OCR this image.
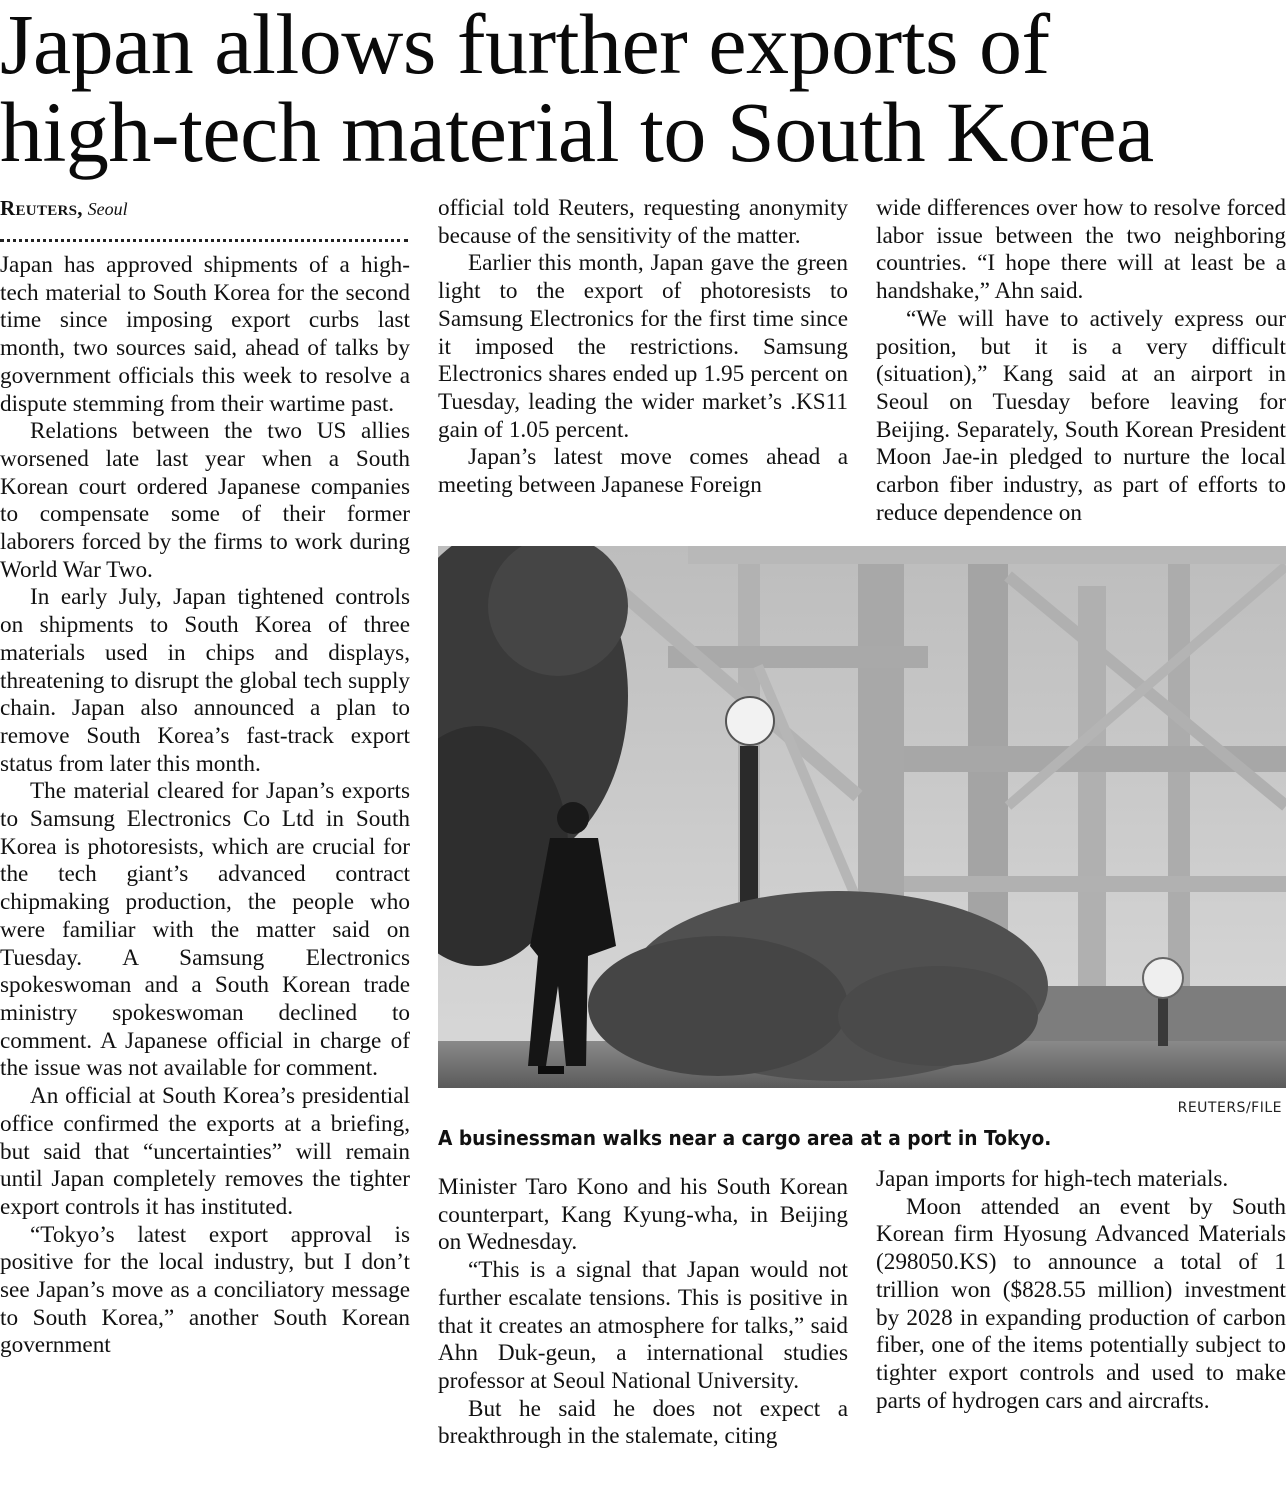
Japan allows further exports of
high-tech material to South Korea
Reuters, Seoul

Japan has approved shipments of a high-tech material to South Korea for the second time since imposing export curbs last month, two sources said, ahead of talks by government officials this week to resolve a dispute stemming from their wartime past.

Relations between the two US allies worsened late last year when a South Korean court ordered Japanese companies to compensate some of their former laborers forced by the firms to work during World War Two.

In early July, Japan tightened controls on shipments to South Korea of three materials used in chips and displays, threatening to disrupt the global tech supply chain. Japan also announced a plan to remove South Korea’s fast-track export status from later this month.

The material cleared for Japan’s exports to Samsung Electronics Co Ltd in South Korea is photoresists, which are crucial for the tech giant’s advanced contract chipmaking production, the people who were familiar with the matter said on Tuesday. A Samsung Electronics spokeswoman and a South Korean trade ministry spokeswoman declined to comment. A Japanese official in charge of the issue was not available for comment.

An official at South Korea’s presidential office confirmed the exports at a briefing, but said that “uncertainties” will remain until Japan completely removes the tighter export controls it has instituted.

“Tokyo’s latest export approval is positive for the local industry, but I don’t see Japan’s move as a conciliatory message to South Korea,” another South Korean government

official told Reuters, requesting anonymity because of the sensitivity of the matter.

Earlier this month, Japan gave the green light to the export of photoresists to Samsung Electronics for the first time since it imposed the restrictions. Samsung Electronics shares ended up 1.95 percent on Tuesday, leading the wider market’s .KS11 gain of 1.05 percent.

Japan’s latest move comes ahead a meeting between Japanese Foreign

wide differences over how to resolve forced labor issue between the two neighboring countries. “I hope there will at least be a handshake,” Ahn said.

“We will have to actively express our position, but it is a very difficult (situation),” Kang said at an airport in Seoul on Tuesday before leaving for Beijing. Separately, South Korean President Moon Jae-in pledged to nurture the local carbon fiber industry, as part of efforts to reduce dependence on

REUTERS/FILE
A businessman walks near a cargo area at a port in Tokyo.

Minister Taro Kono and his South Korean counterpart, Kang Kyung-wha, in Beijing on Wednesday.

“This is a signal that Japan would not further escalate tensions. This is positive in that it creates an atmosphere for talks,” said Ahn Duk-geun, a international studies professor at Seoul National University.

But he said he does not expect a breakthrough in the stalemate, citing

Japan imports for high-tech materials.

Moon attended an event by South Korean firm Hyosung Advanced Materials (298050.KS) to announce a total of 1 trillion won ($828.55 million) investment by 2028 in expanding production of carbon fiber, one of the items potentially subject to tighter export controls and used to make parts of hydrogen cars and aircrafts.
